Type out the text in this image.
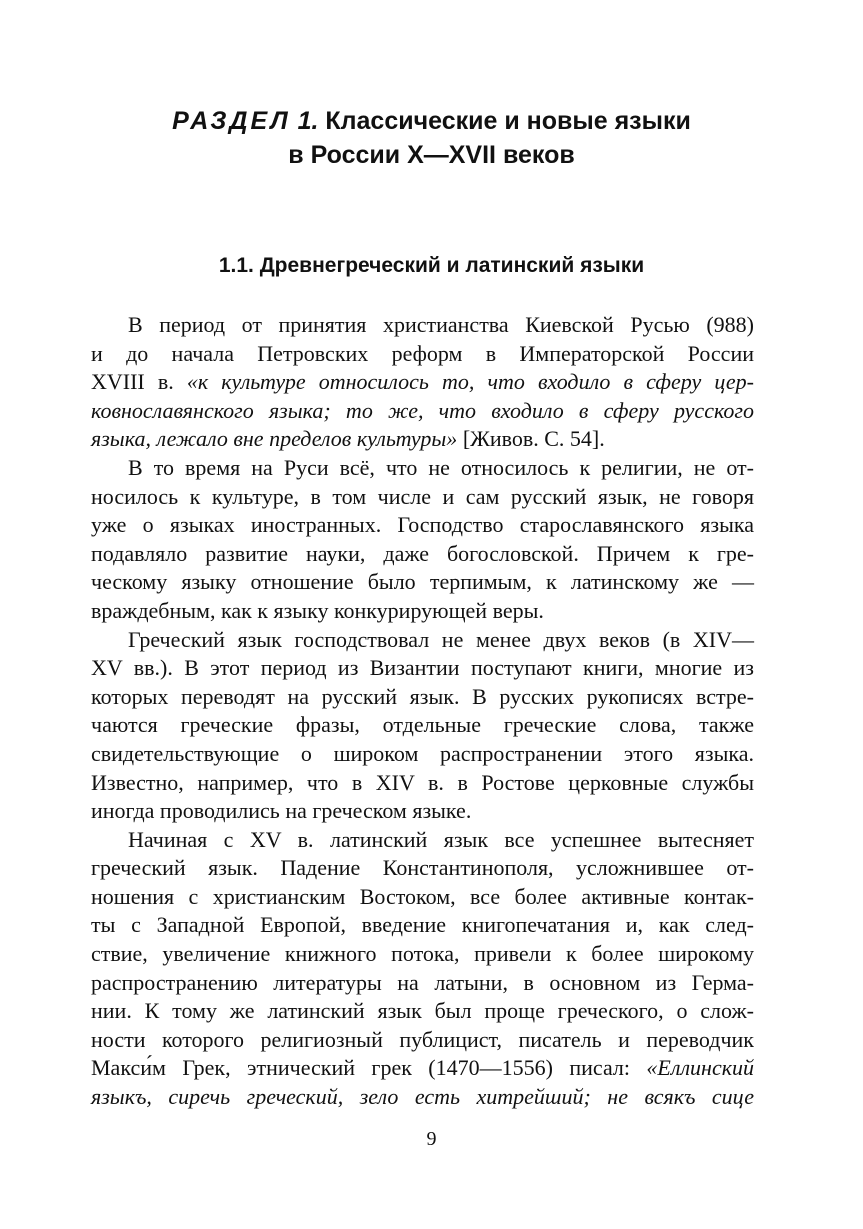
РАЗДЕЛ 1. Классические и новые языки
в России X—XVII веков
1.1. Древнегреческий и латинский языки
В период от принятия христианства Киевской Русью (988)
и до начала Петровских реформ в Императорской России
XVIII в. «к культуре относилось то, что входило в сферу цер-
ковнославянского языка; то же, что входило в сферу русского
языка, лежало вне пределов культуры» [Живов. С. 54].
В то время на Руси всё, что не относилось к религии, не от-
носилось к культуре, в том числе и сам русский язык, не говоря
уже о языках иностранных. Господство старославянского языка
подавляло развитие науки, даже богословской. Причем к гре-
ческому языку отношение было терпимым, к латинскому же —
враждебным, как к языку конкурирующей веры.
Греческий язык господствовал не менее двух веков (в XIV—
XV вв.). В этот период из Византии поступают книги, многие из
которых переводят на русский язык. В русских рукописях встре-
чаются греческие фразы, отдельные греческие слова, также
свидетельствующие о широком распространении этого языка.
Известно, например, что в XIV в. в Ростове церковные службы
иногда проводились на греческом языке.
Начиная с XV в. латинский язык все успешнее вытесняет
греческий язык. Падение Константинополя, усложнившее от-
ношения с христианским Востоком, все более активные контак-
ты с Западной Европой, введение книгопечатания и, как след-
ствие, увеличение книжного потока, привели к более широкому
распространению литературы на латыни, в основном из Герма-
нии. К тому же латинский язык был проще греческого, о слож-
ности которого религиозный публицист, писатель и переводчик
Макси́м Грек, этнический грек (1470—1556) писал: «Еллинский
языкъ, сиречь греческий, зело есть хитрейший; не всякъ сице
9
